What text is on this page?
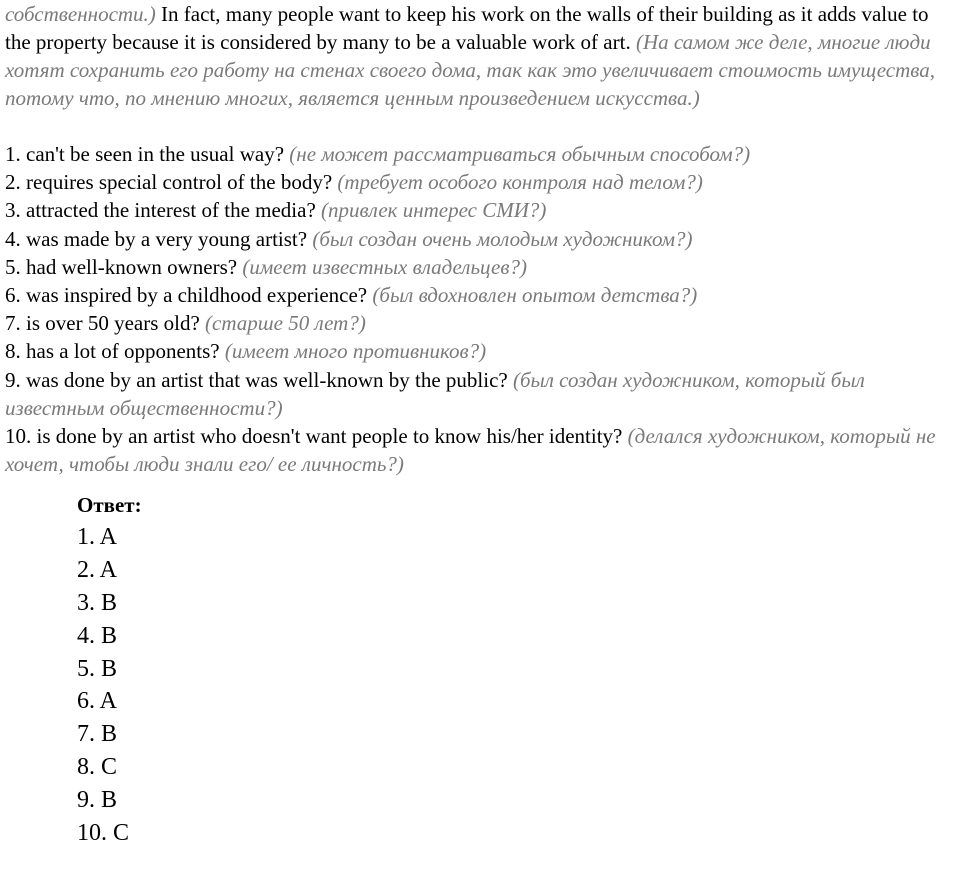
собственности.) In fact, many people want to keep his work on the walls of their building as it adds value to the property because it is considered by many to be a valuable work of art. (На самом же деле, многие люди хотят сохранить его работу на стенах своего дома, так как это увеличивает стоимость имущества, потому что, по мнению многих, является ценным произведением искусства.)

1. can't be seen in the usual way? (не может рассматриваться обычным способом?)

2. requires special control of the body? (требует особого контроля над телом?)

3. attracted the interest of the media? (привлек интерес СМИ?)

4. was made by a very young artist? (был создан очень молодым художником?)

5. had well-known owners? (имеет известных владельцев?)

6. was inspired by a childhood experience? (был вдохновлен опытом детства?)

7. is over 50 years old? (старше 50 лет?)

8. has a lot of opponents? (имеет много противников?)

9. was done by an artist that was well-known by the public? (был создан художником, который был известным общественности?)

10. is done by an artist who doesn't want people to know his/her identity? (делался художником, который не хочет, чтобы люди знали его/ ее личность?)

Ответ:

1. A

2. A

3. B

4. B

5. B

6. A

7. B

8. C

9. B

10. C
